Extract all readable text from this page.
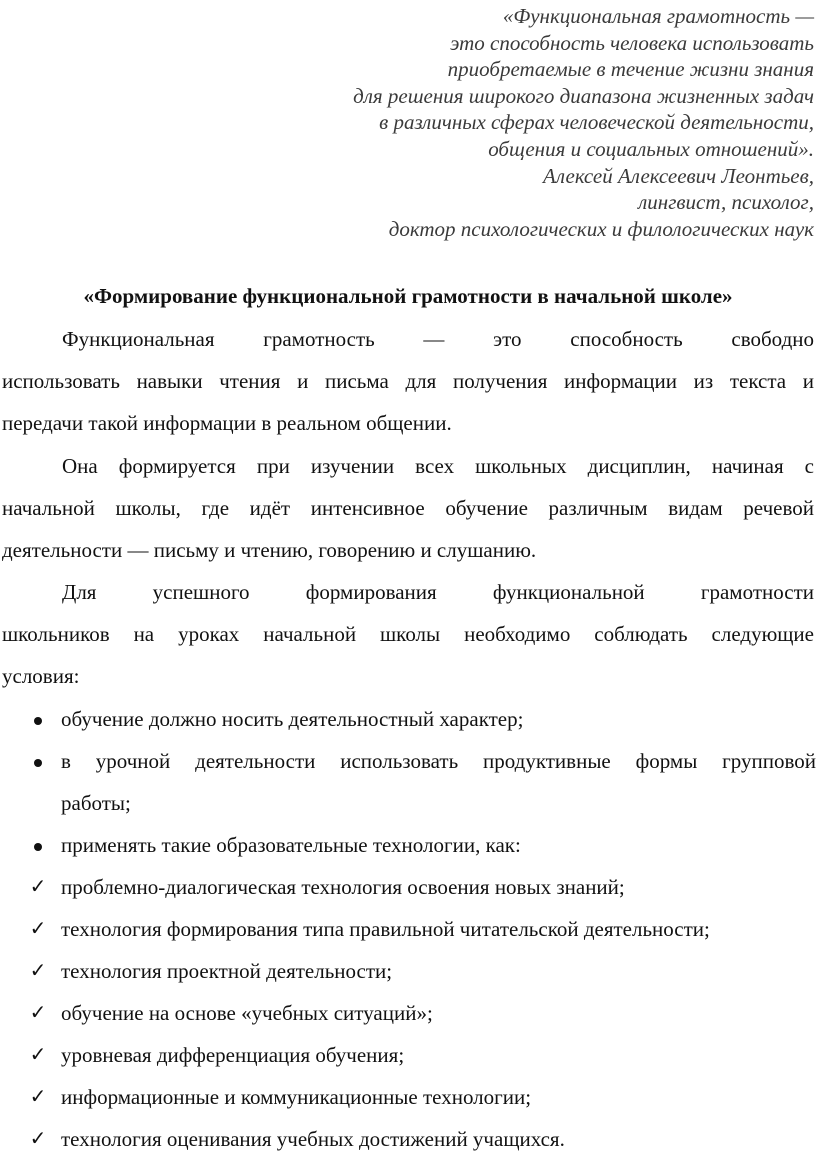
«Функциональная грамотность —
это способность человека использовать
приобретаемые в течение жизни знания
для решения широкого диапазона жизненных задач
в различных сферах человеческой деятельности,
общения и социальных отношений».
Алексей Алексеевич Леонтьев,
лингвист, психолог,
доктор психологических и филологических наук
«Формирование функциональной грамотности в начальной школе»
Функциональная грамотность — это способность свободно
использовать навыки чтения и письма для получения информации из текста и
передачи такой информации в реальном общении.
Она формируется при изучении всех школьных дисциплин, начиная с
начальной школы, где идёт интенсивное обучение различным видам речевой
деятельности — письму и чтению, говорению и слушанию.
Для успешного формирования функциональной грамотности
школьников на уроках начальной школы необходимо соблюдать следующие
условия:
обучение должно носить деятельностный характер;
в урочной деятельности использовать продуктивные формы групповой
работы;
применять такие образовательные технологии, как:
✓ проблемно-диалогическая технология освоения новых знаний;
✓ технология формирования типа правильной читательской деятельности;
✓ технология проектной деятельности;
✓ обучение на основе «учебных ситуаций»;
✓ уровневая дифференциация обучения;
✓ информационные и коммуникационные технологии;
✓ технология оценивания учебных достижений учащихся.
